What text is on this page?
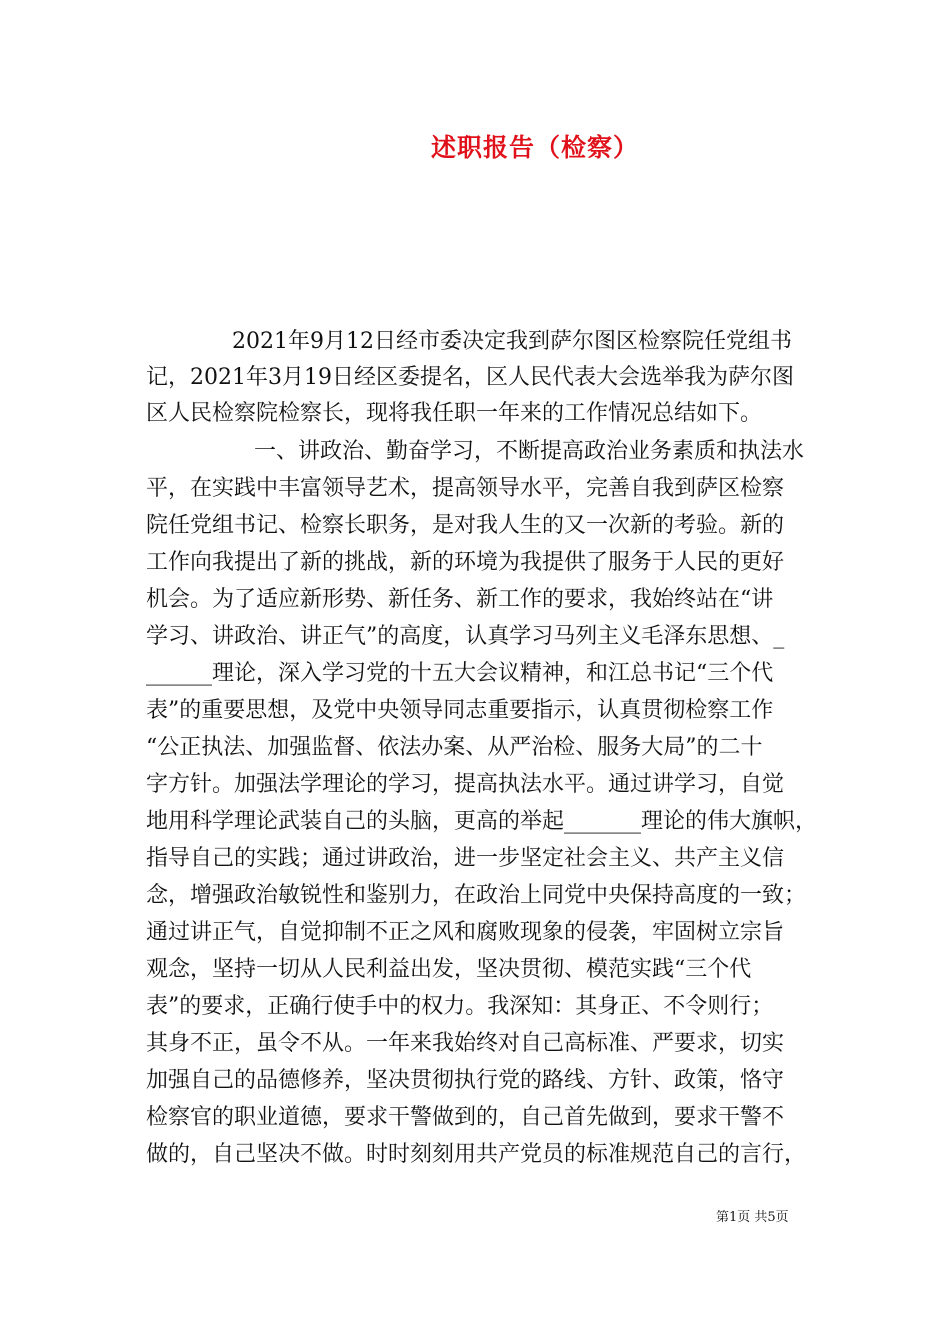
述职报告（检察）
2021年9月12日经市委决定我到萨尔图区检察院任党组书
记，2021年3月19日经区委提名，区人民代表大会选举我为萨尔图
区人民检察院检察长，现将我任职一年来的工作情况总结如下。
一、讲政治、勤奋学习，不断提高政治业务素质和执法水
平，在实践中丰富领导艺术，提高领导水平，完善自我到萨区检察
院任党组书记、检察长职务，是对我人生的又一次新的考验。新的
工作向我提出了新的挑战，新的环境为我提供了服务于人民的更好
机会。为了适应新形势、新任务、新工作的要求，我始终站在“讲
学习、讲政治、讲正气”的高度，认真学习马列主义毛泽东思想、_
______理论，深入学习党的十五大会议精神，和江总书记“三个代
表”的重要思想，及党中央领导同志重要指示，认真贯彻检察工作
“公正执法、加强监督、依法办案、从严治检、服务大局”的二十
字方针。加强法学理论的学习，提高执法水平。通过讲学习，自觉
地用科学理论武装自己的头脑，更高的举起_______理论的伟大旗帜，
指导自己的实践；通过讲政治，进一步坚定社会主义、共产主义信
念，增强政治敏锐性和鉴别力，在政治上同党中央保持高度的一致；
通过讲正气，自觉抑制不正之风和腐败现象的侵袭，牢固树立宗旨
观念，坚持一切从人民利益出发，坚决贯彻、模范实践“三个代
表”的要求，正确行使手中的权力。我深知：其身正、不令则行；
其身不正，虽令不从。一年来我始终对自己高标准、严要求，切实
加强自己的品德修养，坚决贯彻执行党的路线、方针、政策，恪守
检察官的职业道德，要求干警做到的，自己首先做到，要求干警不
做的，自己坚决不做。时时刻刻用共产党员的标准规范自己的言行，
第1页 共5页
